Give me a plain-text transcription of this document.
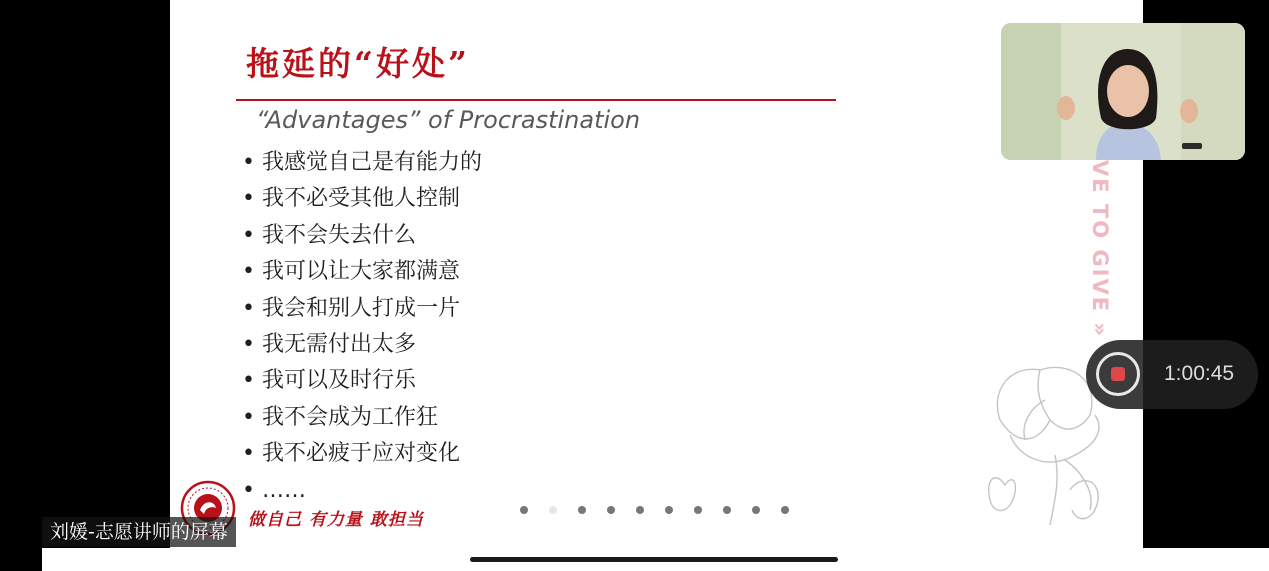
拖延的“好处”
“Advantages” of Procrastination
• 我感觉自己是有能力的
• 我不必受其他人控制
• 我不会失去什么
• 我可以让大家都满意
• 我会和别人打成一片
• 我无需付出太多
• 我可以及时行乐
• 我不会成为工作狂
• 我不必疲于应对变化
• ……
VE TO GIVE »
做自己 有力量 敢担当
刘媛-志愿讲师的屏幕
1:00:45
